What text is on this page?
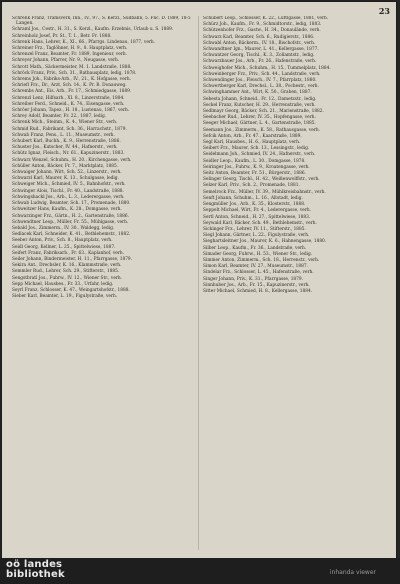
23
Schrenk Franz, Tramsverk, Inn., IV., 97., S. Kerzl., Südbahn, 5. Fnc. D. 1889, 18-5 Langen.
Schraml Jos., Cestr., H. 31., S. Kerzl., Kaufm. Erzebnis, Urlaub u. S. 1889.
Schreinholz Josef, Pr. St., T. 1., Betr. Fr. 1888.
Schrenk Hans, Lehrer, K., XI., 66., Pfarrgs. Lindenau, 1877, verh.
Schreiner Frz., Taglöhner, H. 9., 8. Hauptplatz, verh.
Schrenzel Franz, Beamter, Fr. 1889, Ingenieur, verh.
Schreyer Johann, Pfarrer, Nr. 9., Neugasse, verh.
Schrott Math., Säckermeister, M. 1. Landstraße, 1888.
Schröck Franz, Priv., Sch. 31., Rathausplatz, ledig, 1878.
Schrems Joh., Fabriks-Arb., IV., 21., K. Hofgasse, verh.
Schriefl Frz., Dr., Arzt, Sch. 14., K. Pr. B. Donauweg.
Schrembs Ant., Eis. Arb., Fr. 17., Schmiedgasse, 1889.
Schrenzl Lenz, Hilfsarb., XI. 8., Linzerstraße, 1884.
Schreiber Ferd., Schneid., K. 74., Eisengasse, verh.
Schröer Johann, Tapez., H. 18., Lustenau, 1867, verh.
Schrey Adolf, Beamter, Fr. 22., 1887, ledig.
Schrenk Mich., Steinm., K. 4., Wiener Str., verh.
Schmid Rud., Fabrikant, Sch. 36., Harrachstr., 1879.
Schwab Franz, Pens., L. 11., Museumstr., verh.
Schubert Karl, Buchh., K. 9., Herrenstraße, 1886.
Schuster Jos., Kutscher, IV. 44., Hafnerstr., verh.
Schütz Ignaz, Fleisch., Nr. 61., Kapuzinerstr., 1883.
Schwarz Wenzel, Schuhm., H. 20., Kirchengasse, verh.
Schüller Anton, Bäcker, Fr. 7., Marktplatz, 1885.
Schwaiger Johann, Wirt, Sch. 52., Linzerstr., verh.
Schwarzl Karl, Maurer, K. 13., Schulgasse, ledig.
Schweiger Mich., Schmied, IV. 5., Bahnhofstr., verh.
Schwinger Alois, Tischl., Fr. 40., Landstraße, 1888.
Schwingshackl Jos., Arb., L. 3., Lederergasse, verh.
Schwab Ludwig, Beamter, Sch. 17., Promenade, 1880.
Schweitzer Hans, Kaufm., K. 28., Domgasse, verh.
Schwarzinger Frz., Gärtn., H. 2., Gartenstraße, 1886.
Schwendtner Leop., Müller, Fr. 55., Mühlgasse, verh.
Sebald Jos., Zimmerm., IV. 30., Waldegg, ledig.
Sedlacek Karl, Schneider, K. 41., Bethlehemstr., 1882.
Seeber Anton, Priv., Sch. 8., Hauptplatz, verh.
Seidl Georg, Kellner, L. 25., Spittelwiese, 1887.
Seifert Franz, Fabriksarb., Fr. 63., Kaplanhof, verh.
Seiler Johann, Bindermeister, H. 11., Pfarrgasse, 1879.
Sekira Ant., Drechsler, K. 16., Klammstraße, verh.
Semmler Rud., Lehrer, Sch. 29., Stifterstr., 1885.
Sengstbratl Jos., Fuhrw., IV. 12., Wiener Str., verh.
Sepp Michael, Hausbes., Fr. 33., Urfahr, ledig.
Seyrl Franz, Schlosser, K. 47., Weingartshofstr., 1888.
Sieber Karl, Beamter, L. 19., Figulystraße, verh.
Schubert Leop., Schlosser, K. 22., Lüftlgasse, 1881, verh.
Schürz Joh., Kaufm., Fr. 9., Schmidtorstr., ledig, 1883.
Schützenhofer Frz., Gastw., H. 34., Donaulände, verh.
Schwarz Karl, Beamter, Sch. 6., Rudigierstr., 1886.
Schwabl Anton, Bäckerm., IV. 18., Bischofstr., verh.
Schwandtner Ign., Maurer, L. 41., Kellergasse, 1877.
Schwantzer Georg, Tischl., K. 3., Zollamtstr., ledig.
Schwarzbauer Jos., Arb., Fr. 26., Hafenstraße, verh.
Schweighofer Mich., Schuhm., H. 15., Tummelplatz, 1884.
Schweinberger Frz., Priv., Sch. 44., Landstraße, verh.
Schwendinger Jos., Fleisch., IV. 7., Pfarrplatz, 1880.
Schwertberger Karl, Drechsl., L. 38., Pochestr., verh.
Schwinghammer Ant., Wirt, K. 50., Graben, 1887.
Sebesta Johann, Schneid., Fr. 12., Dametzstr., ledig.
Seckel Franz, Kutscher, H. 29., Herrenstraße, verh.
Sedlmayr Georg, Bäcker, Sch. 21., Marienstraße, 1882.
Seebacher Rud., Lehrer, IV. 35., Hopfengasse, verh.
Seeger Michael, Gärtner, L. 4., Gartenstraße, 1885.
Seemann Jos., Zimmerm., K. 58., Rathausgasse, verh.
Sefcik Anton, Arb., Fr. 47., Kaarstraße, 1889.
Segl Karl, Hausbes., H. 6., Hauptplatz, verh.
Seibert Frz., Maurer, Sch. 13., Lessingstr., ledig.
Seidelmann Joh., Schmied, IV. 24., Hafnerstr., verh.
Seidler Leop., Kaufm., L. 30., Domgasse, 1878.
Seiringer Jos., Fuhrw., K. 9., Kroatengasse, verh.
Seitz Anton, Beamter, Fr. 51., Bürgerstr., 1886.
Selinger Georg, Tischl., H. 42., Weißenwolffstr., verh.
Selzer Karl, Priv., Sch. 2., Promenade, 1881.
Semelrock Frz., Müller, IV. 39., Mühlkreisbahnstr., verh.
Senft Johann, Schuhm., L. 16., Altstadt, ledig.
Sengmüller Jos., Arb., K. 35., Klosterstr., 1888.
Seppelt Michael, Wirt, Fr. 4., Lederergasse, verh.
Sertl Anton, Schneid., H. 27., Spittelwiese, 1883.
Seywald Karl, Bäcker, Sch. 49., Bethlehemstr., verh.
Sickinger Frz., Lehrer, IV. 11., Stifterstr., 1885.
Siegl Johann, Gärtner, L. 22., Figulystraße, verh.
Sieghartsleitner Jos., Maurer, K. 6., Hahnengasse, 1880.
Silber Leop., Kaufm., Fr. 36., Landstraße, verh.
Simader Georg, Fuhrw., H. 53., Wiener Str., ledig.
Simmer Anton, Zimmerm., Sch. 18., Herrenstr., verh.
Simon Karl, Beamter, IV. 27., Museumstr., 1887.
Sindelar Frz., Schlosser, L. 45., Hafenstraße, verh.
Singer Johann, Priv., K. 31., Pfarrgasse, 1879.
Sinnhuber Jos., Arb., Fr. 15., Kapuzinerstr., verh.
Sitter Michael, Schmied, H. 8., Kellergasse, 1884.
oö landes
bibliothek	inhanda viewer
